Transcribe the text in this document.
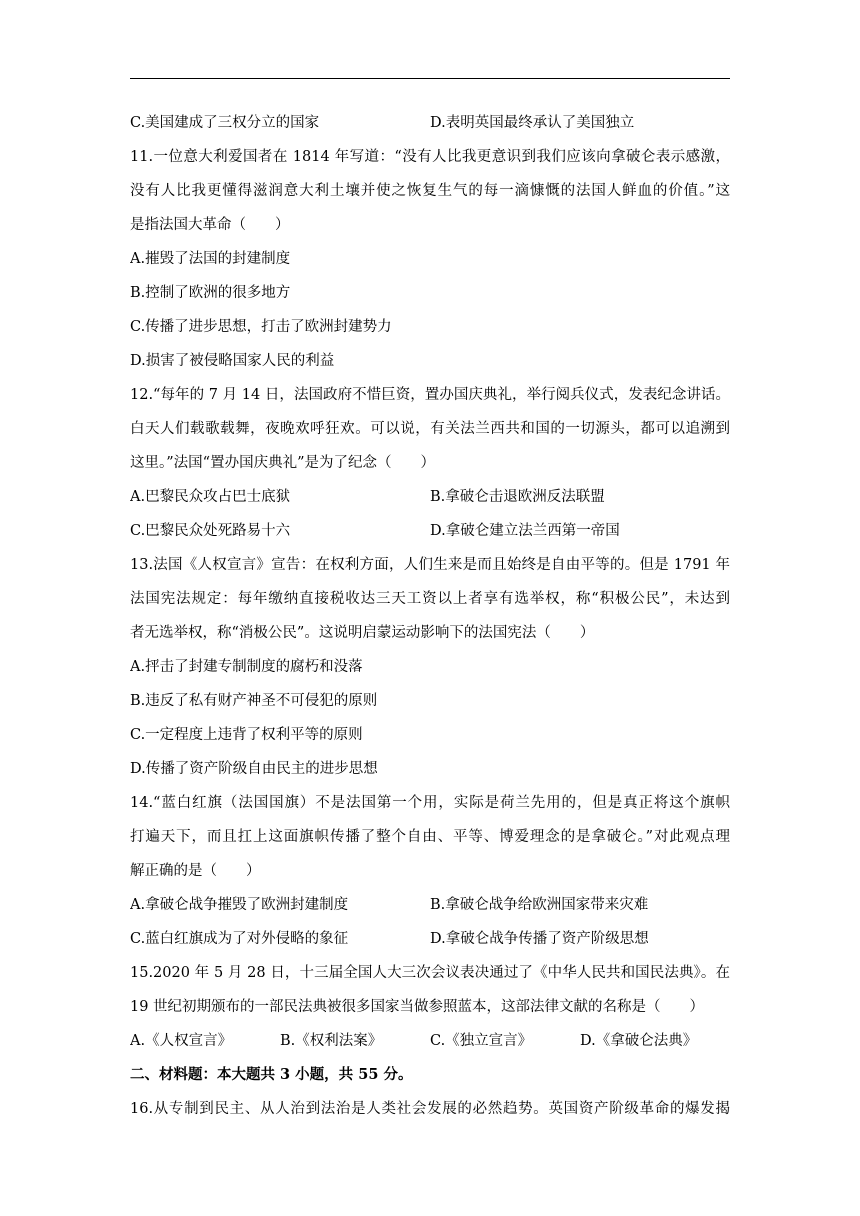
C.美国建成了三权分立的国家	D.表明英国最终承认了美国独立
11.一位意大利爱国者在 1814 年写道：“没有人比我更意识到我们应该向拿破仑表示感激，
没有人比我更懂得滋润意大利土壤并使之恢复生气的每一滴慷慨的法国人鲜血的价值。”这
是指法国大革命（　　）
A.摧毁了法国的封建制度
B.控制了欧洲的很多地方
C.传播了进步思想，打击了欧洲封建势力
D.损害了被侵略国家人民的利益
12.“每年的 7 月 14 日，法国政府不惜巨资，置办国庆典礼，举行阅兵仪式，发表纪念讲话。
白天人们载歌载舞，夜晚欢呼狂欢。可以说，有关法兰西共和国的一切源头，都可以追溯到
这里。”法国“置办国庆典礼”是为了纪念（　　）
A.巴黎民众攻占巴士底狱	B.拿破仑击退欧洲反法联盟
C.巴黎民众处死路易十六	D.拿破仑建立法兰西第一帝国
13.法国《人权宣言》宣告：在权利方面，人们生来是而且始终是自由平等的。但是 1791 年
法国宪法规定：每年缴纳直接税收达三天工资以上者享有选举权，称“积极公民”，未达到
者无选举权，称“消极公民”。这说明启蒙运动影响下的法国宪法（　　）
A.抨击了封建专制制度的腐朽和没落
B.违反了私有财产神圣不可侵犯的原则
C.一定程度上违背了权利平等的原则
D.传播了资产阶级自由民主的进步思想
14.“蓝白红旗（法国国旗）不是法国第一个用，实际是荷兰先用的，但是真正将这个旗帜
打遍天下，而且扛上这面旗帜传播了整个自由、平等、博爱理念的是拿破仑。”对此观点理
解正确的是（　　）
A.拿破仑战争摧毁了欧洲封建制度	B.拿破仑战争给欧洲国家带来灾难
C.蓝白红旗成为了对外侵略的象征	D.拿破仑战争传播了资产阶级思想
15.2020 年 5 月 28 日，十三届全国人大三次会议表决通过了《中华人民共和国民法典》。在
19 世纪初期颁布的一部民法典被很多国家当做参照蓝本，这部法律文献的名称是（　　）
A.《人权宣言》	B.《权利法案》	C.《独立宣言》	D.《拿破仑法典》
二、材料题：本大题共 3 小题，共 55 分。
16.从专制到民主、从人治到法治是人类社会发展的必然趋势。英国资产阶级革命的爆发揭
